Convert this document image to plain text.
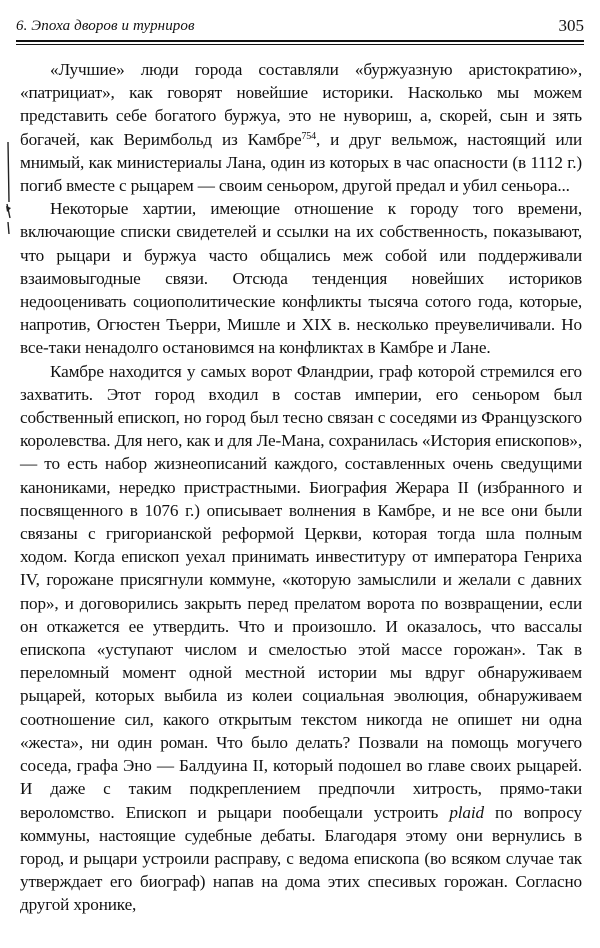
6. Эпоха дворов и турниров	305

«Лучшие» люди города составляли «буржуазную аристократию», «патрициат», как говорят новейшие историки. Насколько мы можем представить себе богатого буржуа, это не нувориш, а, скорей, сын и зять богачей, как Веримбольд из Камбре$^{754}$, и друг вельмож, настоящий или мнимый, как министериалы Лана, один из которых в час опасности (в 1112 г.) погиб вместе с рыцарем — своим сеньором, другой предал и убил сеньора...

Некоторые хартии, имеющие отношение к городу того времени, включающие списки свидетелей и ссылки на их собственность, показывают, что рыцари и буржуа часто общались меж собой или поддерживали взаимовыгодные связи. Отсюда тенденция новейших историков недооценивать социополитические конфликты тысяча сотого года, которые, напротив, Огюстен Тьерри, Мишле и XIX в. несколько преувеличивали. Но все-таки ненадолго остановимся на конфликтах в Камбре и Лане.

Камбре находится у самых ворот Фландрии, граф которой стремился его захватить. Этот город входил в состав империи, его сеньором был собственный епископ, но город был тесно связан с соседями из Французского королевства. Для него, как и для Ле-Мана, сохранилась «История епископов», — то есть набор жизнеописаний каждого, составленных очень сведущими канониками, нередко пристрастными. Биография Жерара II (избранного и посвященного в 1076 г.) описывает волнения в Камбре, и не все они были связаны с григорианской реформой Церкви, которая тогда шла полным ходом. Когда епископ уехал принимать инвеституру от императора Генриха IV, горожане присягнули коммуне, «которую замыслили и желали с давних пор», и договорились закрыть перед прелатом ворота по возвращении, если он откажется ее утвердить. Что и произошло. И оказалось, что вассалы епископа «уступают числом и смелостью этой массе горожан». Так в переломный момент одной местной истории мы вдруг обнаруживаем рыцарей, которых выбила из колеи социальная эволюция, обнаруживаем соотношение сил, какого открытым текстом никогда не опишет ни одна «жеста», ни один роман. Что было делать? Позвали на помощь могучего соседа, графа Эно — Балдуина II, который подошел во главе своих рыцарей. И даже с таким подкреплением предпочли хитрость, прямо-таки вероломство. Епископ и рыцари пообещали устроить plaid по вопросу коммуны, настоящие судебные дебаты. Благодаря этому они вернулись в город, и рыцари устроили расправу, с ведома епископа (во всяком случае так утверждает его биограф) напав на дома этих спесивых горожан. Согласно другой хронике,
